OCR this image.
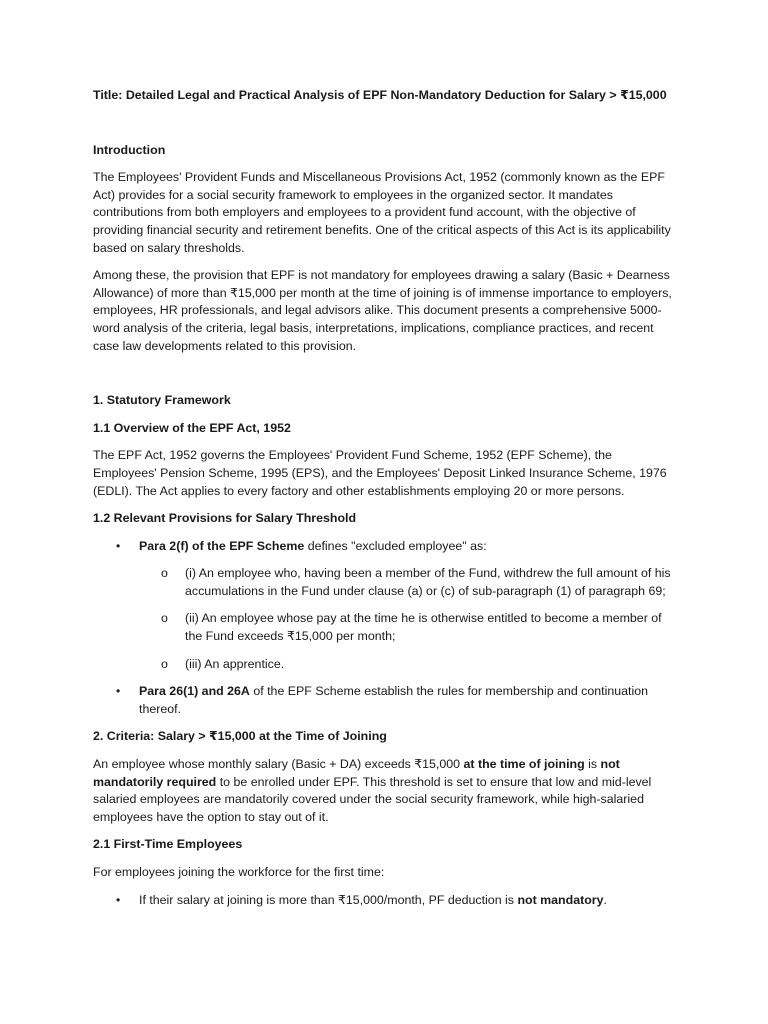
Title: Detailed Legal and Practical Analysis of EPF Non-Mandatory Deduction for Salary > ₹15,000
Introduction

The Employees' Provident Funds and Miscellaneous Provisions Act, 1952 (commonly known as the EPF Act) provides for a social security framework to employees in the organized sector. It mandates contributions from both employers and employees to a provident fund account, with the objective of providing financial security and retirement benefits. One of the critical aspects of this Act is its applicability based on salary thresholds.

Among these, the provision that EPF is not mandatory for employees drawing a salary (Basic + Dearness Allowance) of more than ₹15,000 per month at the time of joining is of immense importance to employers, employees, HR professionals, and legal advisors alike. This document presents a comprehensive 5000-word analysis of the criteria, legal basis, interpretations, implications, compliance practices, and recent case law developments related to this provision.

1. Statutory Framework
1.1 Overview of the EPF Act, 1952

The EPF Act, 1952 governs the Employees' Provident Fund Scheme, 1952 (EPF Scheme), the Employees' Pension Scheme, 1995 (EPS), and the Employees' Deposit Linked Insurance Scheme, 1976 (EDLI). The Act applies to every factory and other establishments employing 20 or more persons.

1.2 Relevant Provisions for Salary Threshold
• Para 2(f) of the EPF Scheme defines "excluded employee" as:
o (i) An employee who, having been a member of the Fund, withdrew the full amount of his accumulations in the Fund under clause (a) or (c) of sub-paragraph (1) of paragraph 69;
o (ii) An employee whose pay at the time he is otherwise entitled to become a member of the Fund exceeds ₹15,000 per month;
o (iii) An apprentice.
• Para 26(1) and 26A of the EPF Scheme establish the rules for membership and continuation thereof.
2. Criteria: Salary > ₹15,000 at the Time of Joining

An employee whose monthly salary (Basic + DA) exceeds ₹15,000 at the time of joining is not mandatorily required to be enrolled under EPF. This threshold is set to ensure that low and mid-level salaried employees are mandatorily covered under the social security framework, while high-salaried employees have the option to stay out of it.

2.1 First-Time Employees

For employees joining the workforce for the first time:

• If their salary at joining is more than ₹15,000/month, PF deduction is not mandatory.
